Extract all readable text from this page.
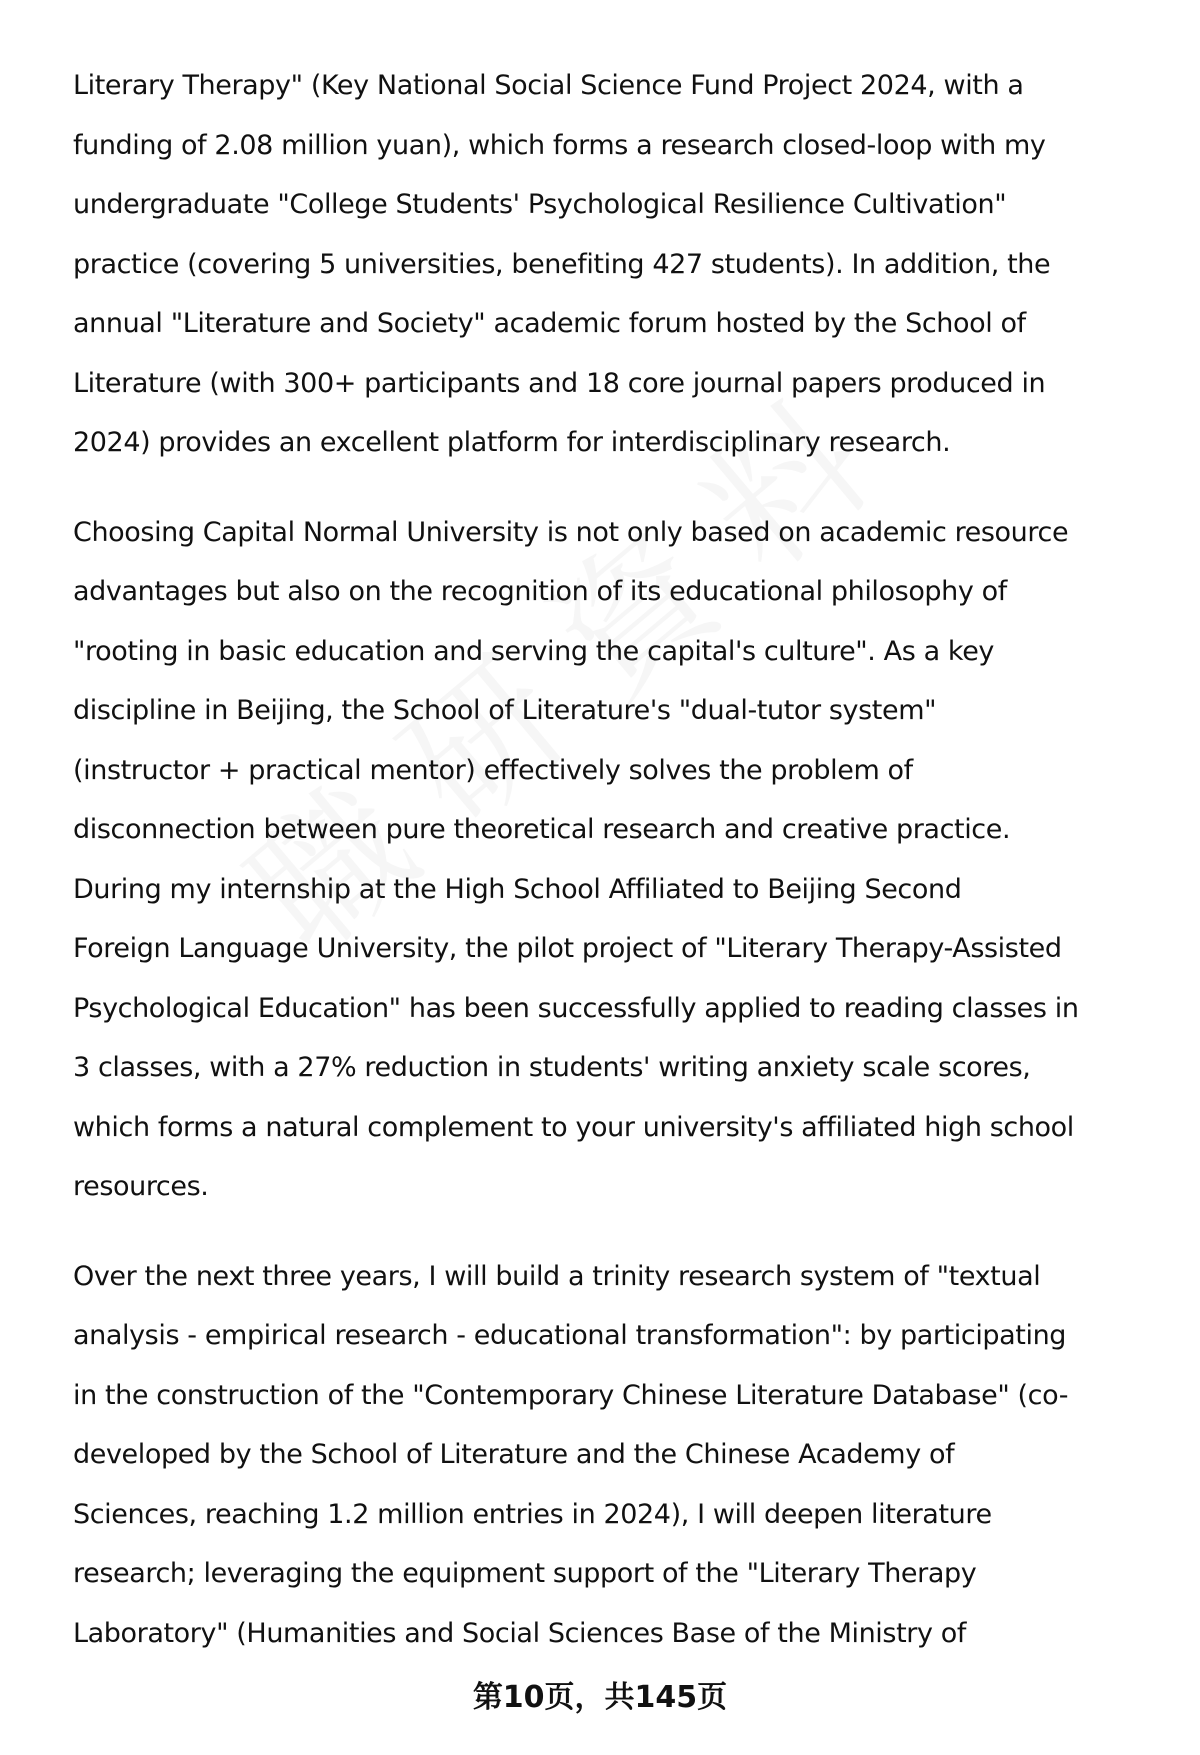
Literary Therapy" (Key National Social Science Fund Project 2024, with a
funding of 2.08 million yuan), which forms a research closed-loop with my
undergraduate "College Students' Psychological Resilience Cultivation"
practice (covering 5 universities, benefiting 427 students). In addition, the
annual "Literature and Society" academic forum hosted by the School of
Literature (with 300+ participants and 18 core journal papers produced in
2024) provides an excellent platform for interdisciplinary research.

Choosing Capital Normal University is not only based on academic resource
advantages but also on the recognition of its educational philosophy of
"rooting in basic education and serving the capital's culture". As a key
discipline in Beijing, the School of Literature's "dual-tutor system"
(instructor + practical mentor) effectively solves the problem of
disconnection between pure theoretical research and creative practice.
During my internship at the High School Affiliated to Beijing Second
Foreign Language University, the pilot project of "Literary Therapy-Assisted
Psychological Education" has been successfully applied to reading classes in
3 classes, with a 27% reduction in students' writing anxiety scale scores,
which forms a natural complement to your university's affiliated high school
resources.

Over the next three years, I will build a trinity research system of "textual
analysis - empirical research - educational transformation": by participating
in the construction of the "Contemporary Chinese Literature Database" (co-
developed by the School of Literature and the Chinese Academy of
Sciences, reaching 1.2 million entries in 2024), I will deepen literature
research; leveraging the equipment support of the "Literary Therapy
Laboratory" (Humanities and Social Sciences Base of the Ministry of

第10页，共145页
